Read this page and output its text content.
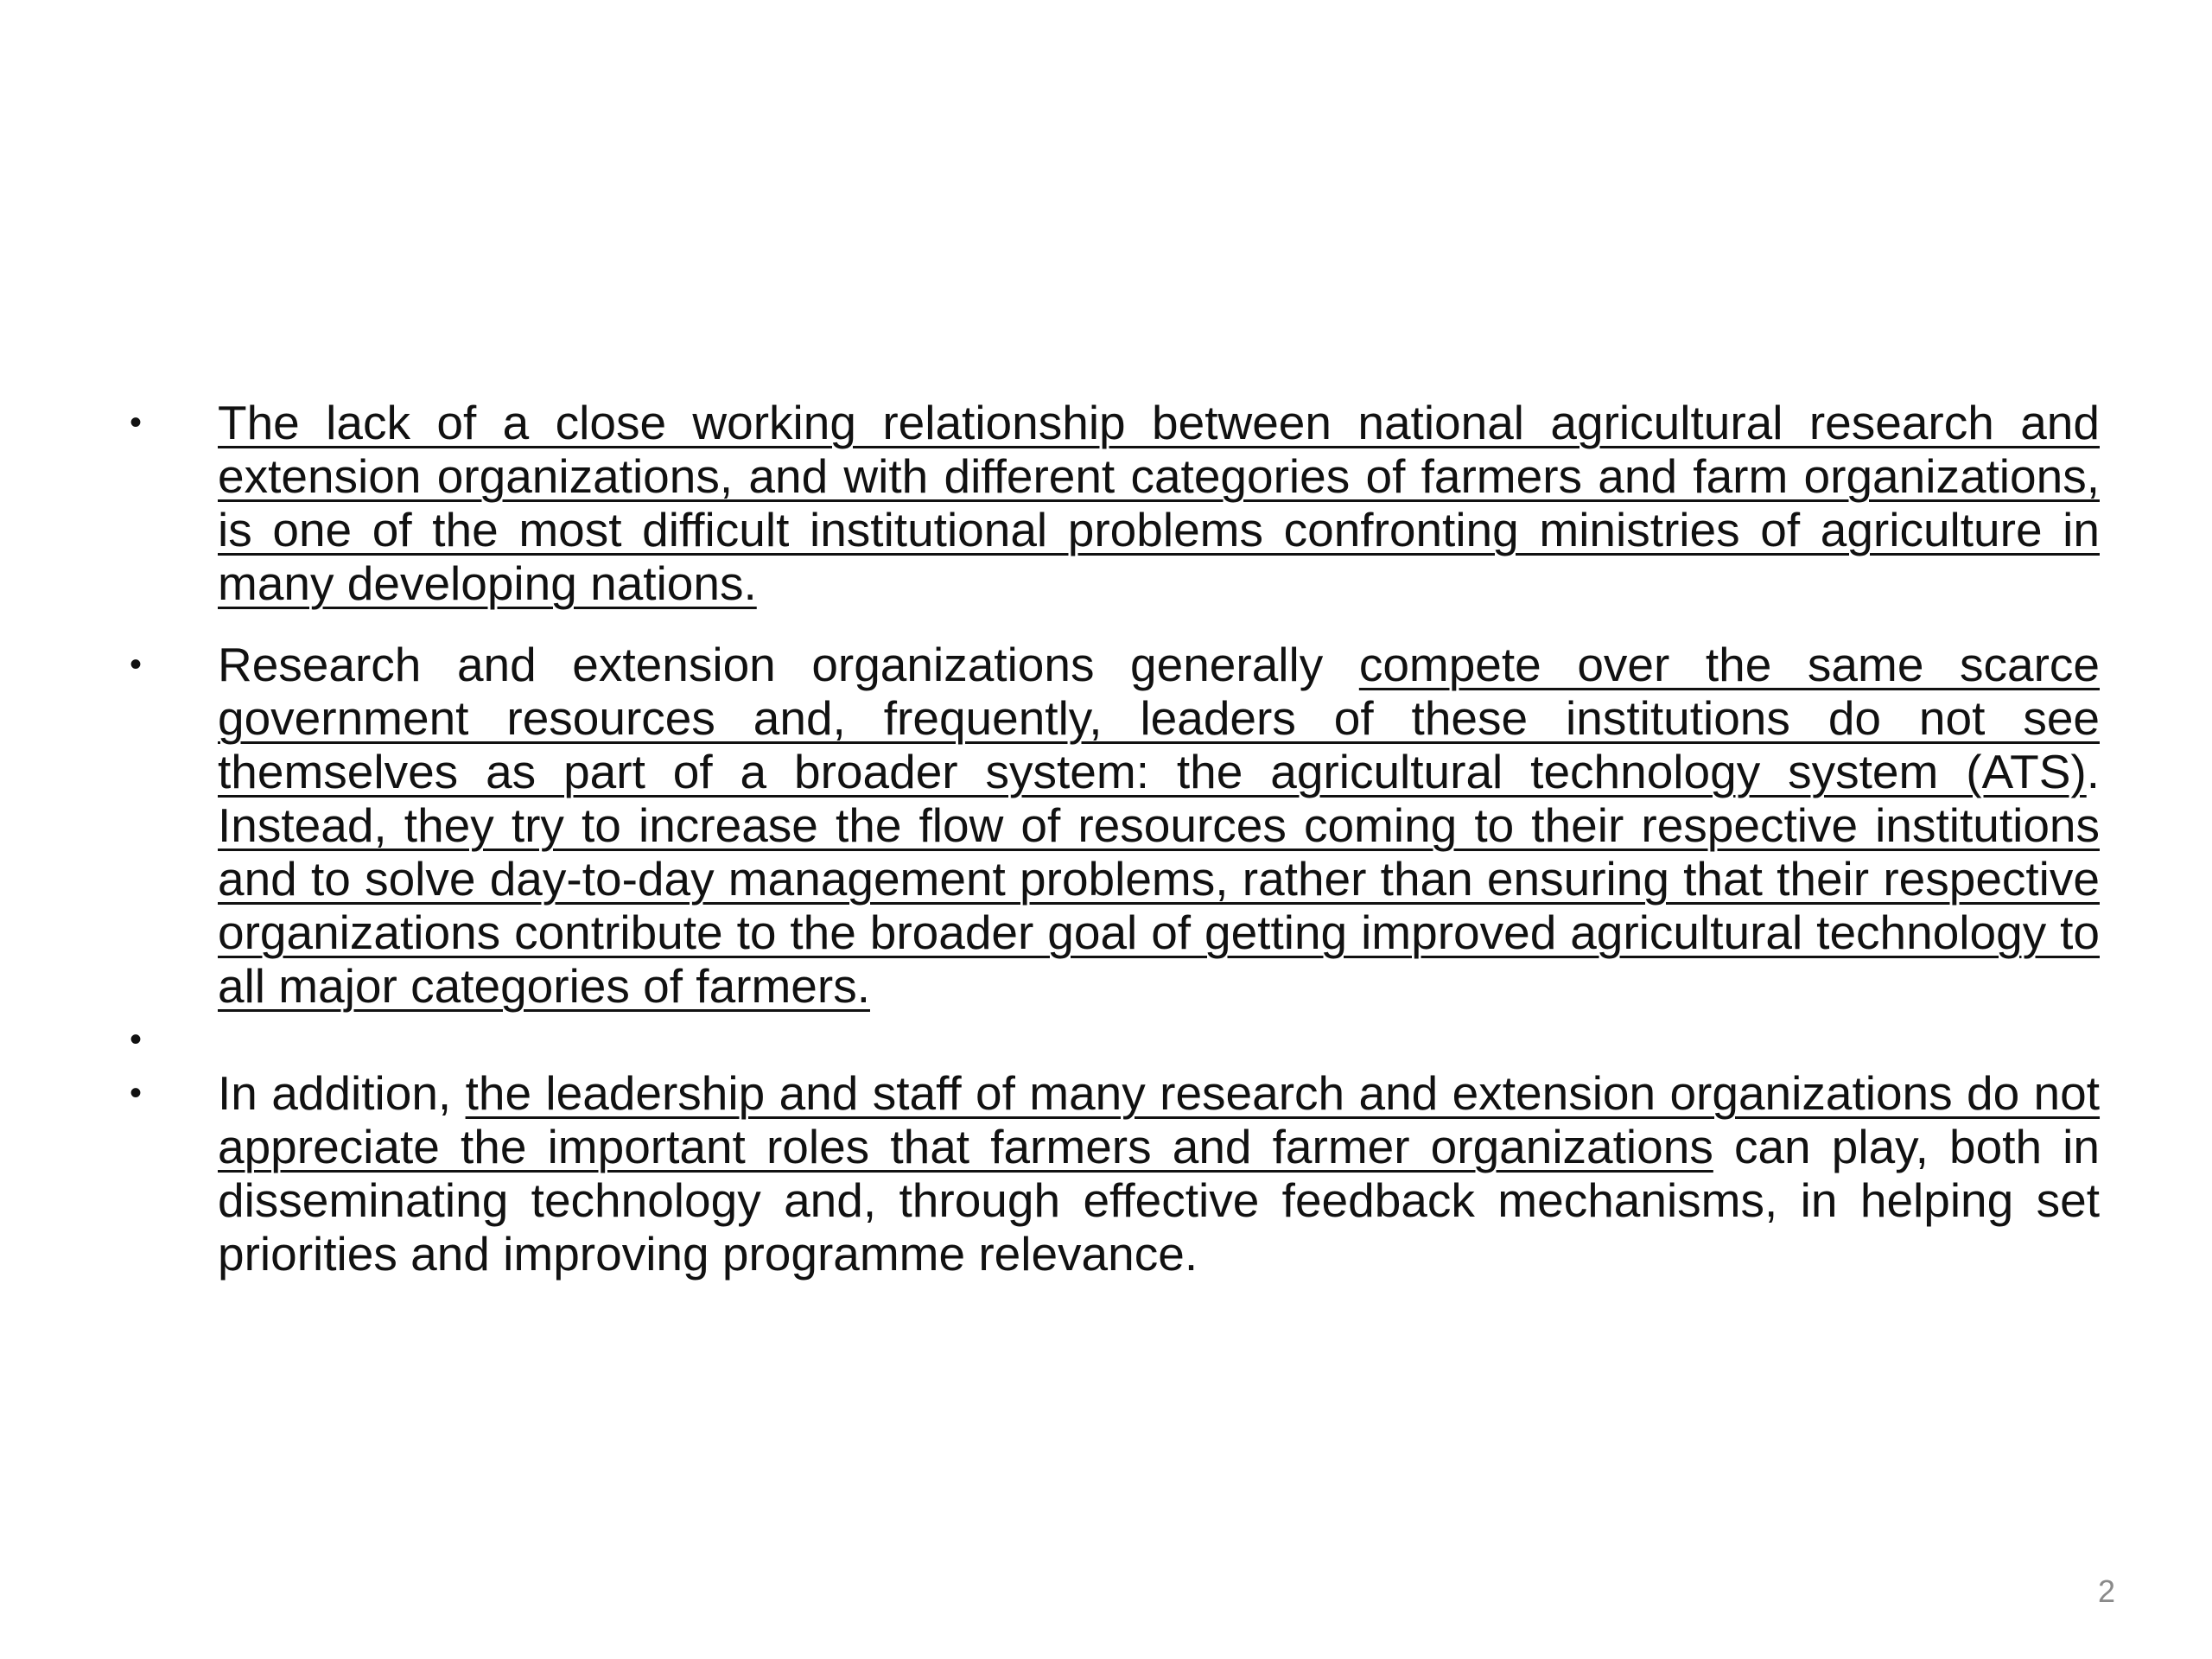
•	The lack of a close working relationship between national agricultural research and extension organizations, and with different categories of farmers and farm organizations, is one of the most difficult institutional problems confronting ministries of agriculture in many developing nations.
•	Research and extension organizations generally compete over the same scarce government resources and, frequently, leaders of these institutions do not see themselves as part of a broader system: the agricultural technology system (ATS). Instead, they try to increase the flow of resources coming to their respective institutions and to solve day-to-day management problems, rather than ensuring that their respective organizations contribute to the broader goal of getting improved agricultural technology to all major categories of farmers.
•

•	In addition, the leadership and staff of many research and extension organizations do not appreciate the important roles that farmers and farmer organizations can play, both in disseminating technology and, through effective feedback mechanisms, in helping set priorities and improving programme relevance.
2
